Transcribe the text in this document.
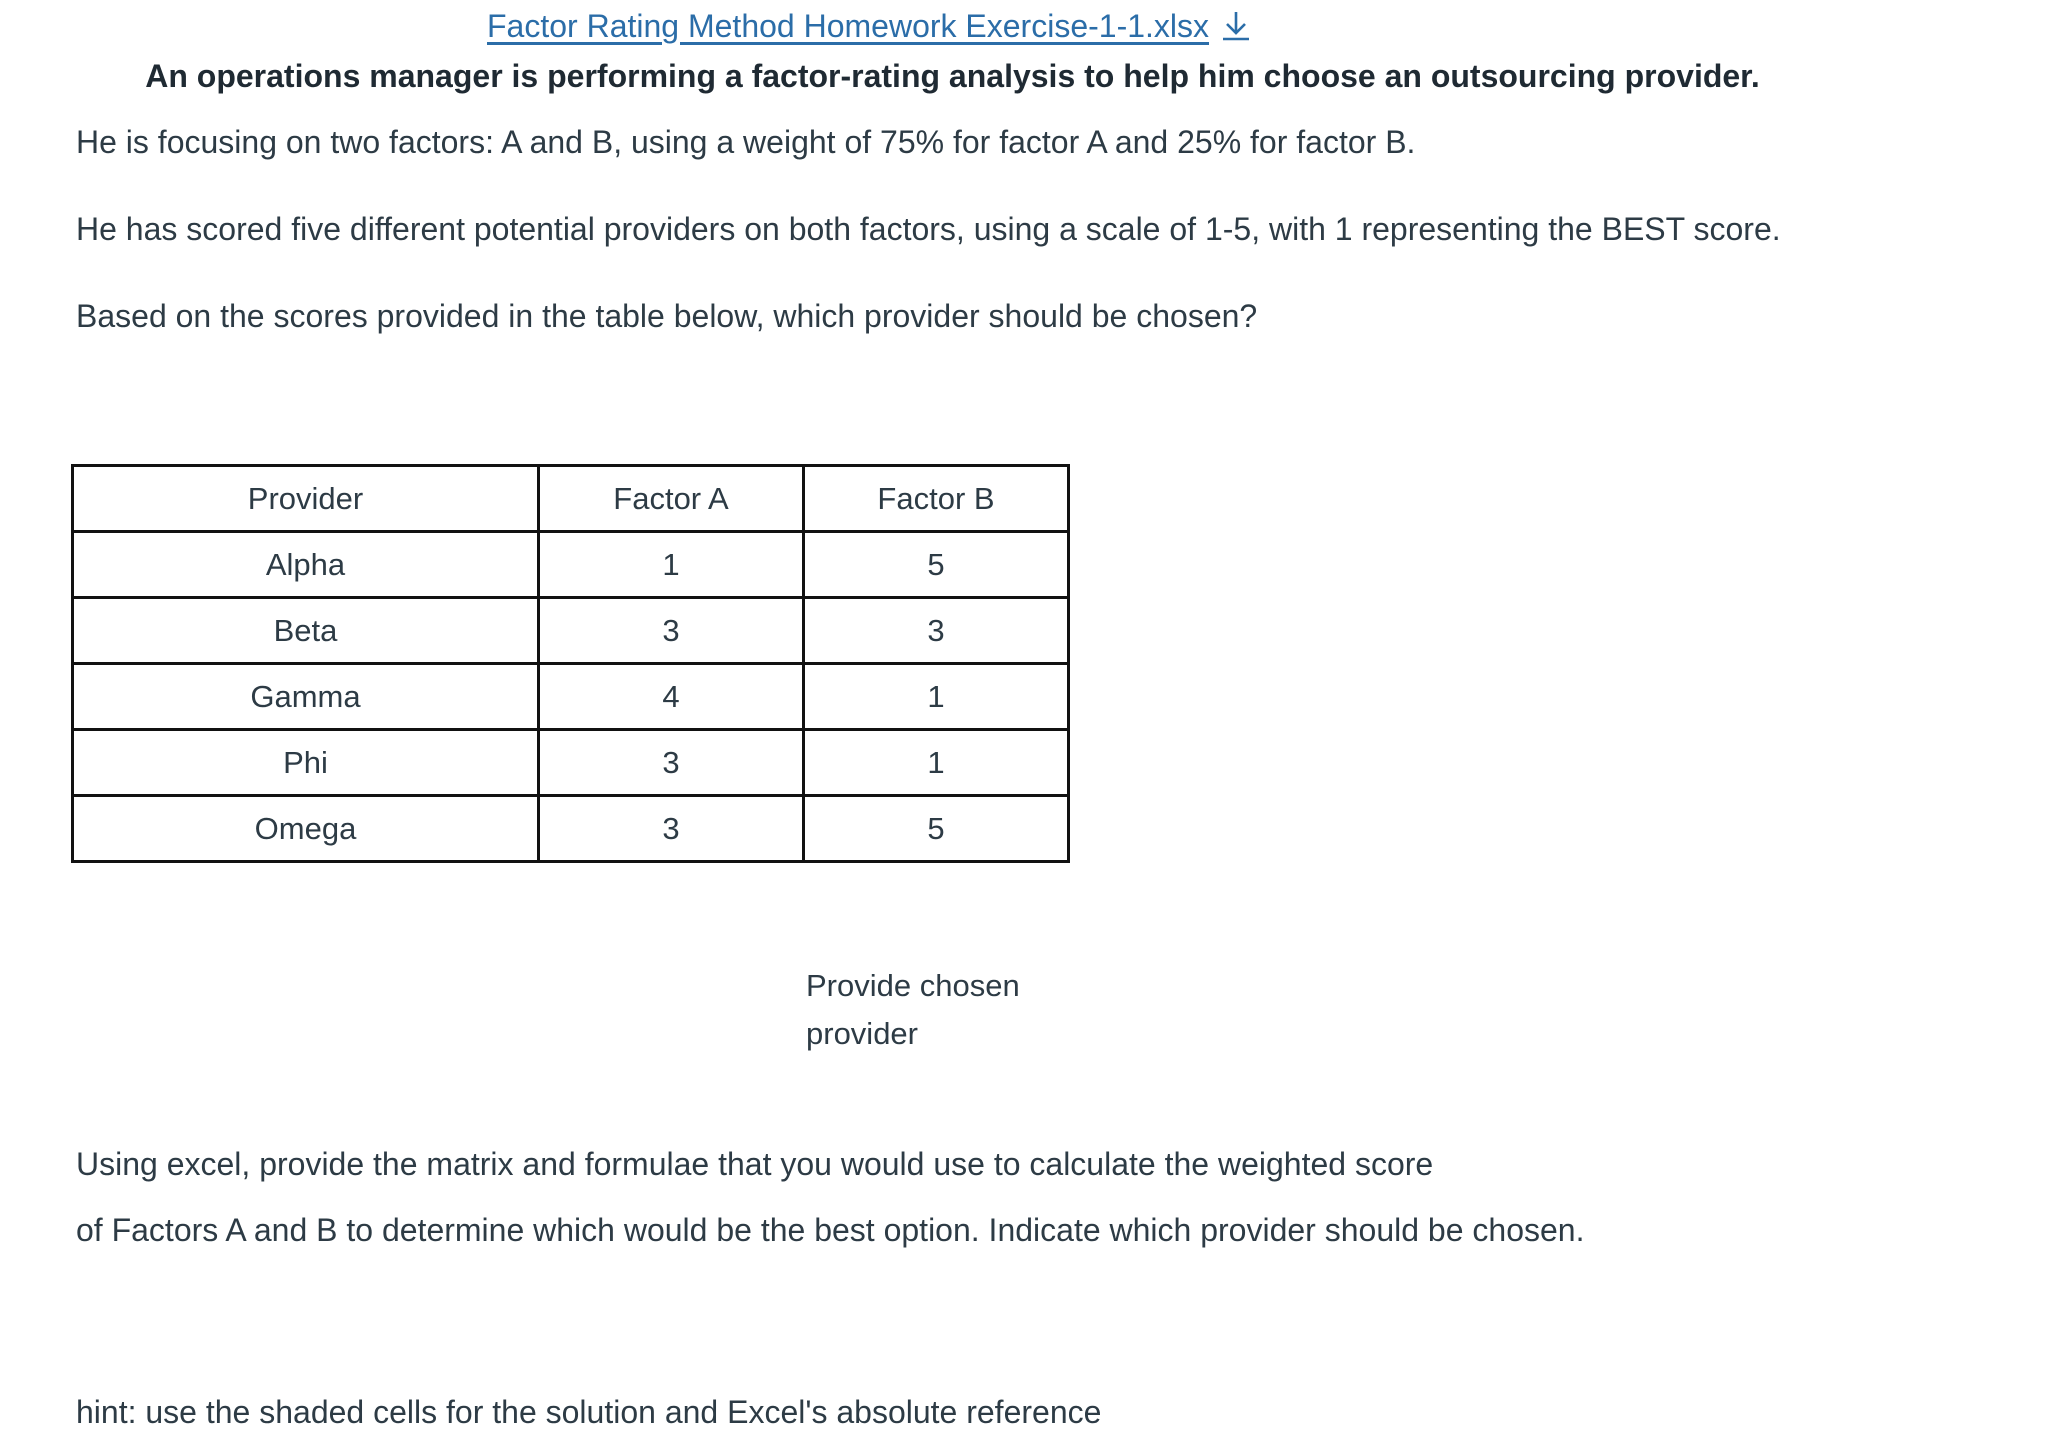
Factor Rating Method Homework Exercise-1-1.xlsx
An operations manager is performing a factor-rating analysis to help him choose an outsourcing provider.
He is focusing on two factors: A and B, using a weight of 75% for factor A and 25% for factor B.
He has scored five different potential providers on both factors, using a scale of 1-5, with 1 representing the BEST score.
Based on the scores provided in the table below, which provider should be chosen?
Provider	Factor A	Factor B
Alpha	1	5
Beta	3	3
Gamma	4	1
Phi	3	1
Omega	3	5
Provide chosen provider
Using excel, provide the matrix and formulae that you would use to calculate the weighted score
of Factors A and B to determine which would be the best option. Indicate which provider should be chosen.
hint: use the shaded cells for the solution and Excel's absolute reference
